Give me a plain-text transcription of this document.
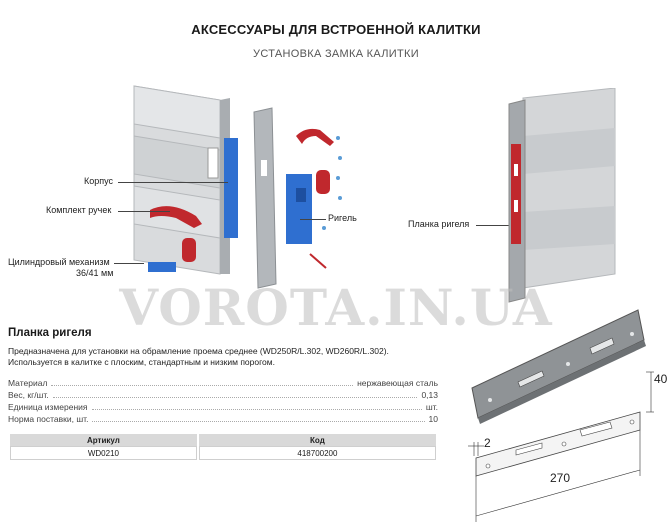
АКСЕССУАРЫ ДЛЯ ВСТРОЕННОЙ КАЛИТКИ
УСТАНОВКА ЗАМКА КАЛИТКИ
Корпус
Комплект ручек
Цилиндровый механизм
36/41 мм
Ригель
Планка ригеля
VOROTA.IN.UA
Планка ригеля
Предназначена для установки на обрамление проема среднее (WD250R/L.302, WD260R/L.302).
Используется в калитке с плоским, стандартным и низким порогом.
Материал	нержавеющая сталь
Вес, кг/шт.	0,13
Единица измерения	шт.
Норма поставки, шт.	10
Артикул	Код
WD0210	418700200
40
2
270
